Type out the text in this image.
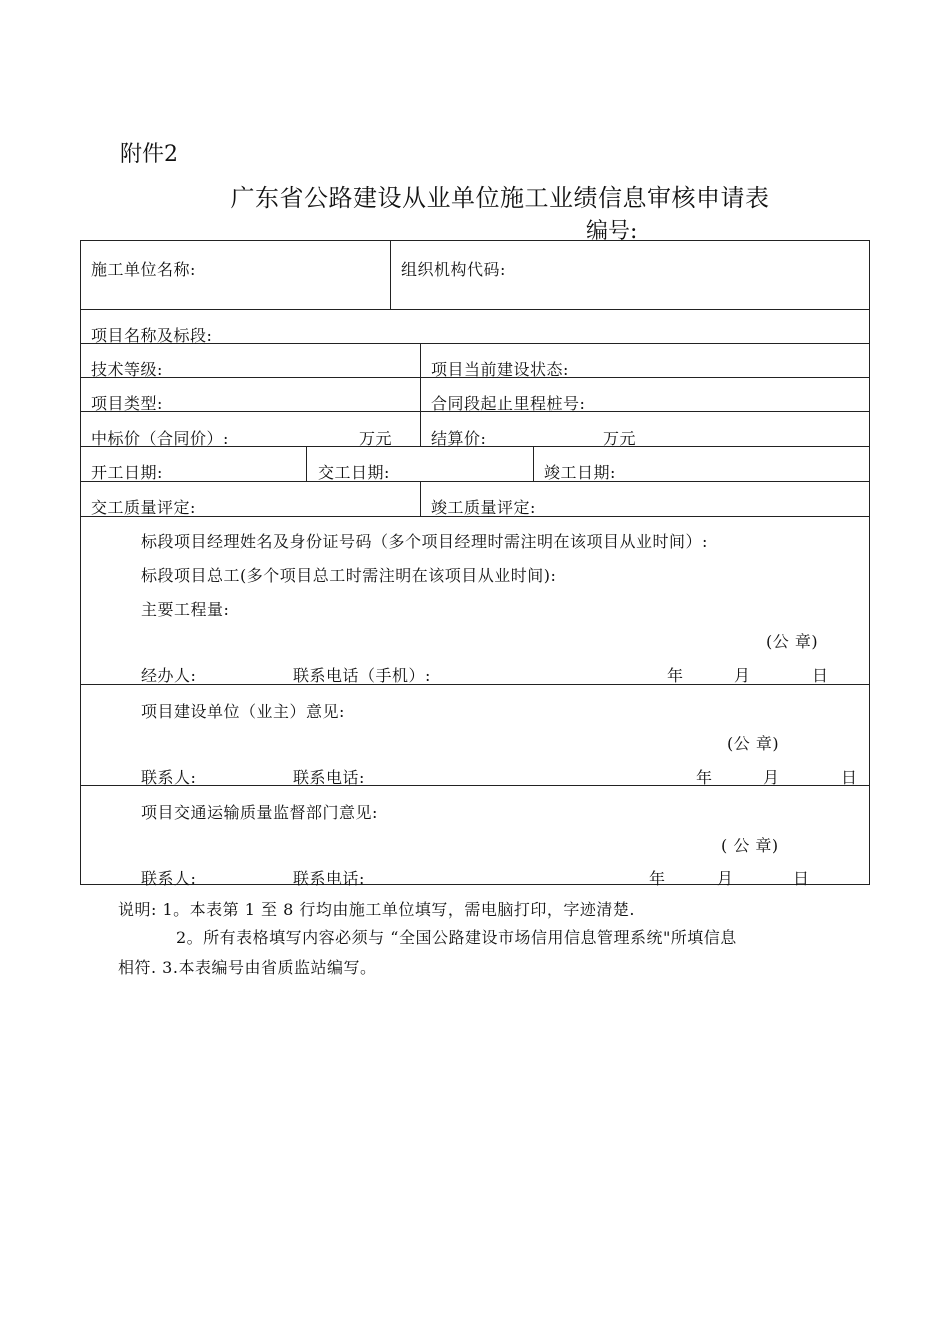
附件2
广东省公路建设从业单位施工业绩信息审核申请表
编号:
施工单位名称:	组织机构代码:
项目名称及标段:
技术等级:	项目当前建设状态:
项目类型:	合同段起止里程桩号:
中标价（合同价）:	万元 结算价:	万元
开工日期:	交工日期:	竣工日期:
交工质量评定:	竣工质量评定:
标段项目经理姓名及身份证号码（多个项目经理时需注明在该项目从业时间）:
标段项目总工(多个项目总工时需注明在该项目从业时间):
主要工程量:
(公 章)
经办人:	联系电话（手机）:	年	月	日
项目建设单位（业主）意见:
(公 章)
联系人:	联系电话:	年	月	日
项目交通运输质量监督部门意见:
( 公 章)
联系人:	联系电话:	年	月	日
说明: 1。本表第 1 至 8 行均由施工单位填写，需电脑打印，字迹清楚.
2。所有表格填写内容必须与 “全国公路建设市场信用信息管理系统"所填信息
相符. 3.本表编号由省质监站编写。
